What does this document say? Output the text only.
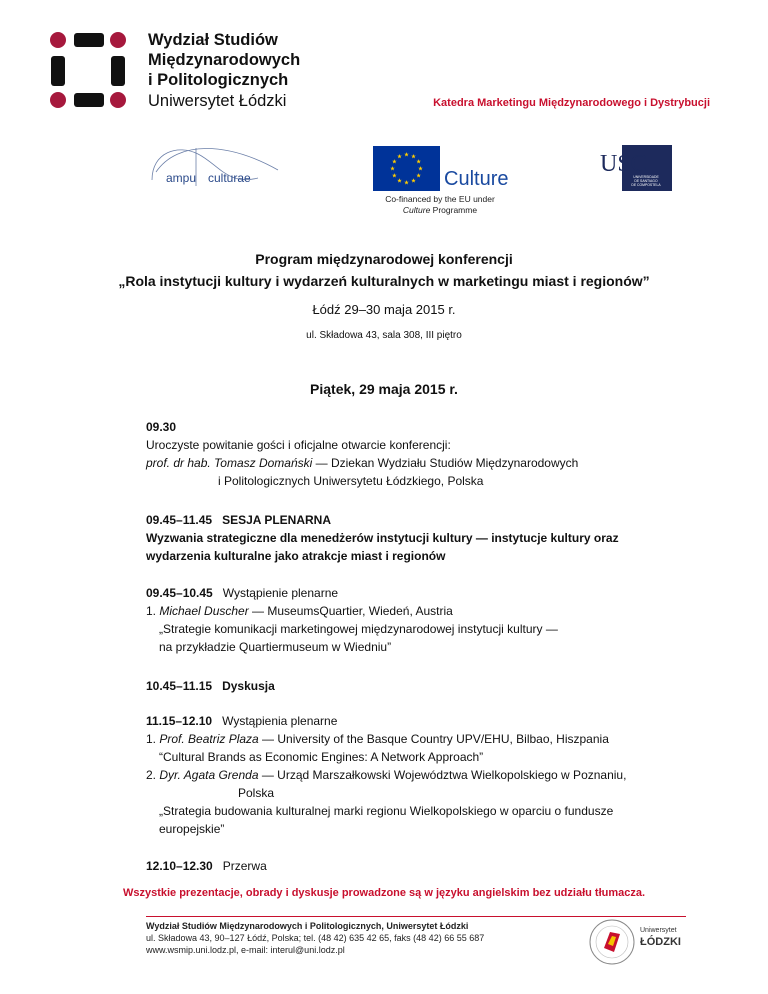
Wydział Studiów
Międzynarodowych
i Politologicznych
Uniwersytet Łódzki	Katedra Marketingu Międzynarodowego i Dystrybucji
ampu culturae	Culture
Co-financed by the EU under
Culture Programme
USC
UNIVERSIDADE
DE SANTIAGO
DE COMPOSTELA
Program międzynarodowej konferencji
„Rola instytucji kultury i wydarzeń kulturalnych w marketingu miast i regionów”
Łódź 29–30 maja 2015 r.
ul. Składowa 43, sala 308, III piętro
Piątek, 29 maja 2015 r.
09.30
Uroczyste powitanie gości i oficjalne otwarcie konferencji:
prof. dr hab. Tomasz Domański — Dziekan Wydziału Studiów Międzynarodowych
i Politologicznych Uniwersytetu Łódzkiego, Polska
09.45–11.45 SESJA PLENARNA
Wyzwania strategiczne dla menedżerów instytucji kultury — instytucje kultury oraz
wydarzenia kulturalne jako atrakcje miast i regionów
09.45–10.45 Wystąpienie plenarne
1. Michael Duscher — MuseumsQuartier, Wiedeń, Austria
„Strategie komunikacji marketingowej międzynarodowej instytucji kultury —
na przykładzie Quartiermuseum w Wiedniu”
10.45–11.15 Dyskusja
11.15–12.10 Wystąpienia plenarne
1. Prof. Beatriz Plaza — University of the Basque Country UPV/EHU, Bilbao, Hiszpania
“Cultural Brands as Economic Engines: A Network Approach”
2. Dyr. Agata Grenda — Urząd Marszałkowski Województwa Wielkopolskiego w Poznaniu,
Polska
„Strategia budowania kulturalnej marki regionu Wielkopolskiego w oparciu o fundusze
europejskie”
12.10–12.30 Przerwa
Wszystkie prezentacje, obrady i dyskusje prowadzone są w języku angielskim bez udziału tłumacza.
Wydział Studiów Międzynarodowych i Politologicznych, Uniwersytet Łódzki
ul. Składowa 43, 90–127 Łódź, Polska; tel. (48 42) 635 42 65, faks (48 42) 66 55 687
www.wsmip.uni.lodz.pl, e-mail: interul@uni.lodz.pl
Uniwersytet
ŁÓDZKI
